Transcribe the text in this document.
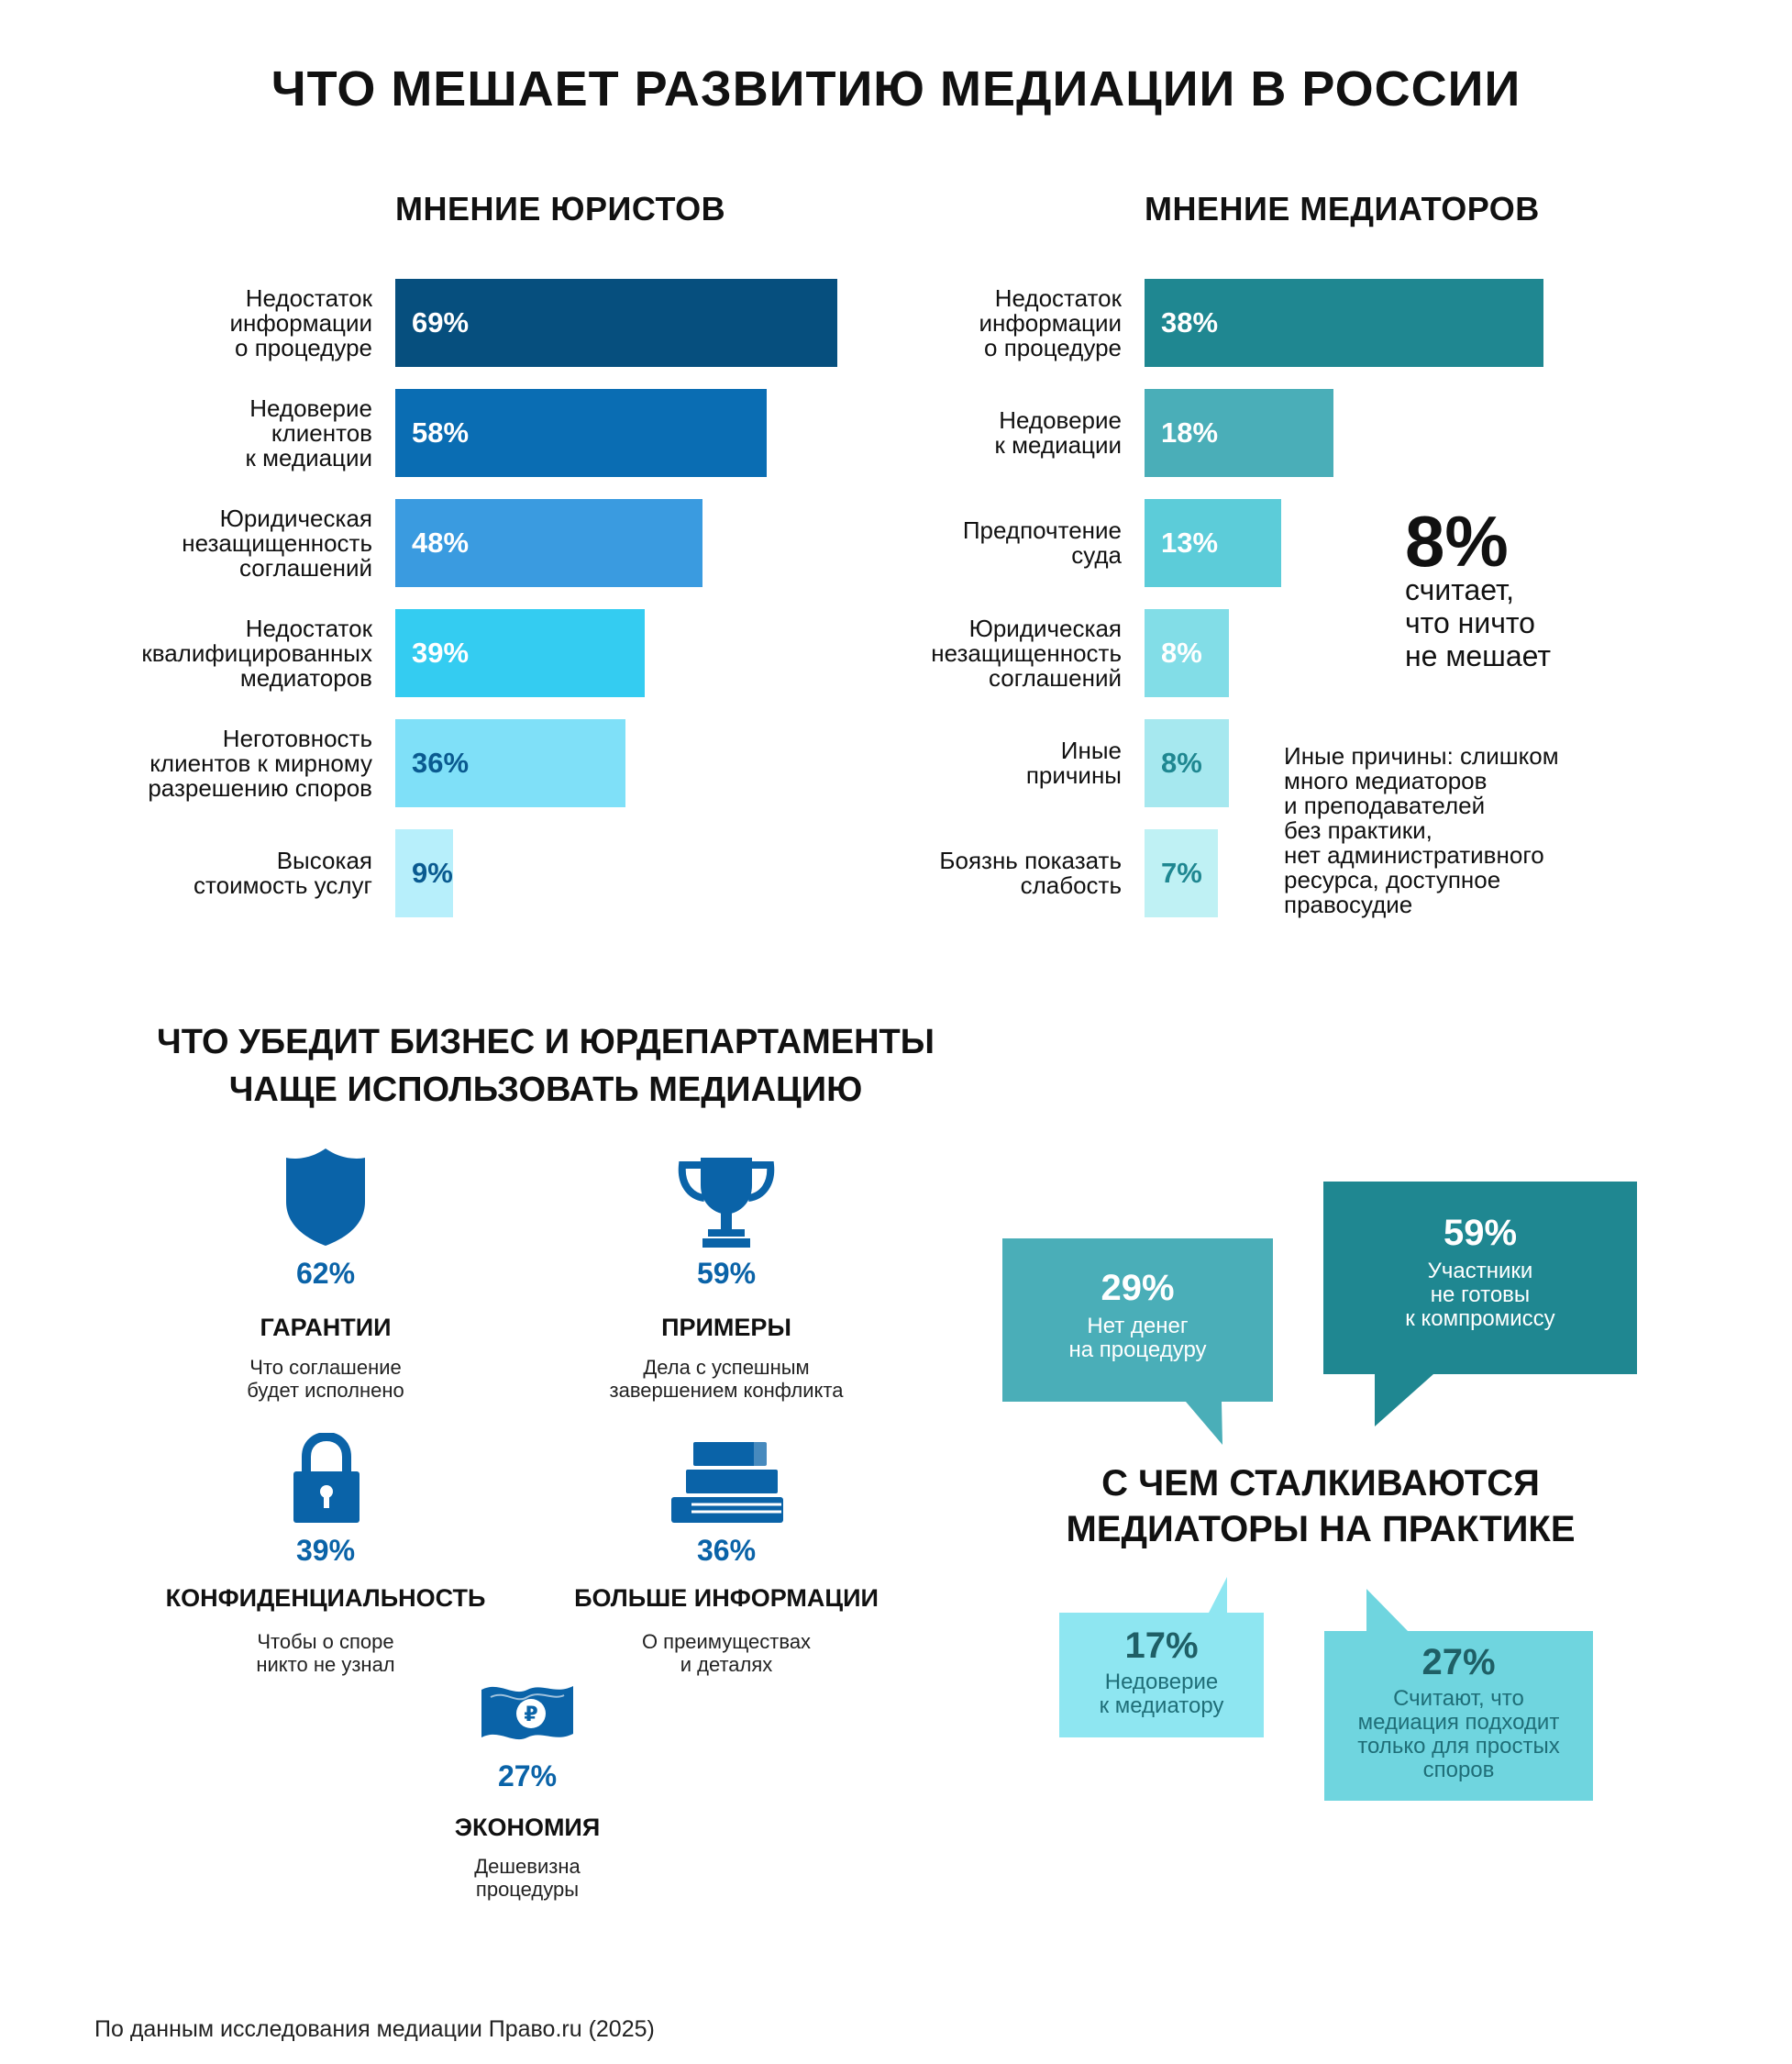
ЧТО МЕШАЕТ РАЗВИТИЮ МЕДИАЦИИ В РОССИИ
МНЕНИЕ ЮРИСТОВ
Недостаток
информации
о процедуре
69%
Недоверие
клиентов
к медиации
58%
Юридическая
незащищенность
соглашений
48%
Недостаток
квалифицированных
медиаторов
39%
Неготовность
клиентов к мирному
разрешению споров
36%
Высокая
стоимость услуг 9%
МНЕНИЕ МЕДИАТОРОВ
Недостаток
информации
о процедуре
38%
Недоверие
к медиации 18%
Предпочтение
суда 13%
Юридическая
незащищенность
соглашений
8%
Иные
причины 8%
Боязнь показать
слабость 7%
8%
считает,
что ничто
не мешает
Иные причины: слишком
много медиаторов
и преподавателей
без практики,
нет административного
ресурса, доступное
правосудие
ЧТО УБЕДИТ БИЗНЕС И ЮРДЕПАРТАМЕНТЫ
ЧАЩЕ ИСПОЛЬЗОВАТЬ МЕДИАЦИЮ
62%
ГАРАНТИИ
Что соглашение
будет исполнено
59%
ПРИМЕРЫ
Дела с успешным
завершением конфликта
39%
КОНФИДЕНЦИАЛЬНОСТЬ
Чтобы о споре
никто не узнал
36%
БОЛЬШЕ ИНФОРМАЦИИ
О преимуществах
и деталях
₽
27%
ЭКОНОМИЯ
Дешевизна
процедуры
29%
Нет денег
на процедуру
59%
Участники
не готовы
к компромиссу
С ЧЕМ СТАЛКИВАЮТСЯ
МЕДИАТОРЫ НА ПРАКТИКЕ
17%
Недоверие
к медиатору
27%
Считают, что
медиация подходит
только для простых
споров
По данным исследования медиации Право.ru (2025)
